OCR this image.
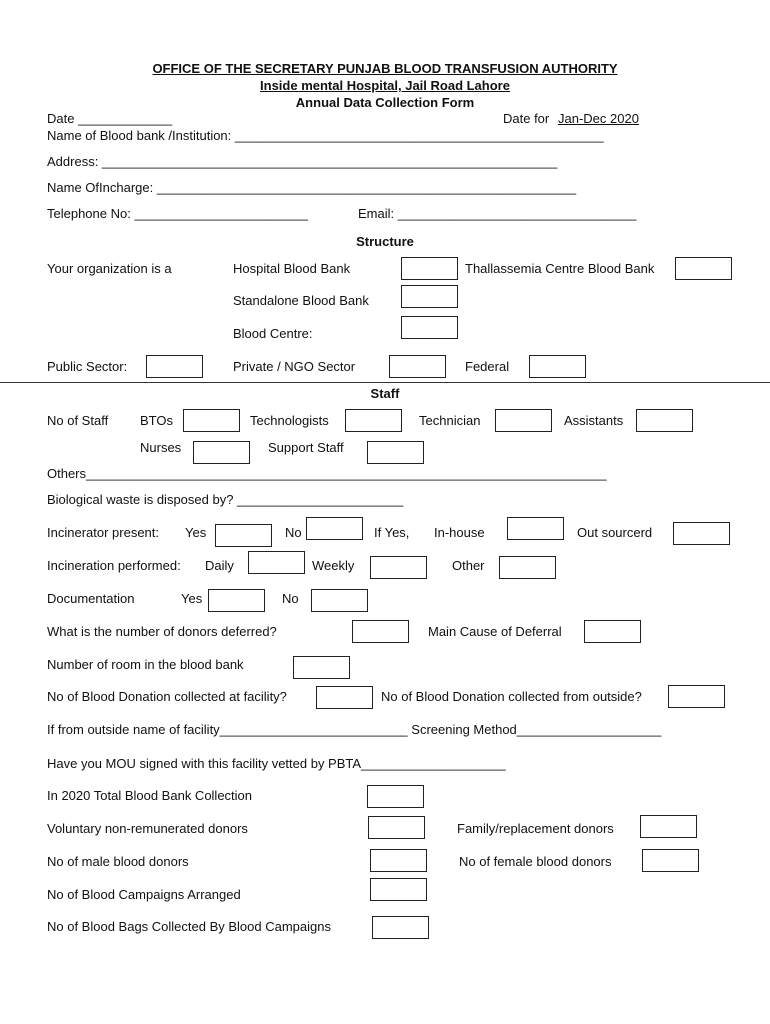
OFFICE OF THE SECRETARY PUNJAB BLOOD TRANSFUSION AUTHORITY
Inside mental Hospital, Jail Road Lahore
Annual Data Collection Form
Date _____________	Date for Jan-Dec 2020
Name of Blood bank /Institution: ___________________________________________________
Address: _______________________________________________________________
Name OfIncharge: __________________________________________________________
Telephone No: ________________________	Email: _________________________________
Structure
Your organization is a	Hospital Blood Bank	Thallassemia Centre Blood Bank
Standalone Blood Bank
Blood Centre:
Public Sector:	Private / NGO Sector	Federal
Staff
No of Staff BTOs	Technologists	Technician	Assistants
Nurses	Support Staff
Others________________________________________________________________________
Biological waste is disposed by? _______________________
Incinerator present: Yes	No	If Yes, In-house	Out sourcerd
Incineration performed: Daily	Weekly	Other
Documentation	Yes	No
What is the number of donors deferred?	Main Cause of Deferral
Number of room in the blood bank
No of Blood Donation collected at facility?	No of Blood Donation collected from outside?
If from outside name of facility__________________________ Screening Method____________________
Have you MOU signed with this facility vetted by PBTA____________________
In 2020 Total Blood Bank Collection
Voluntary non-remunerated donors	Family/replacement donors
No of male blood donors	No of female blood donors
No of Blood Campaigns Arranged
No of Blood Bags Collected By Blood Campaigns
